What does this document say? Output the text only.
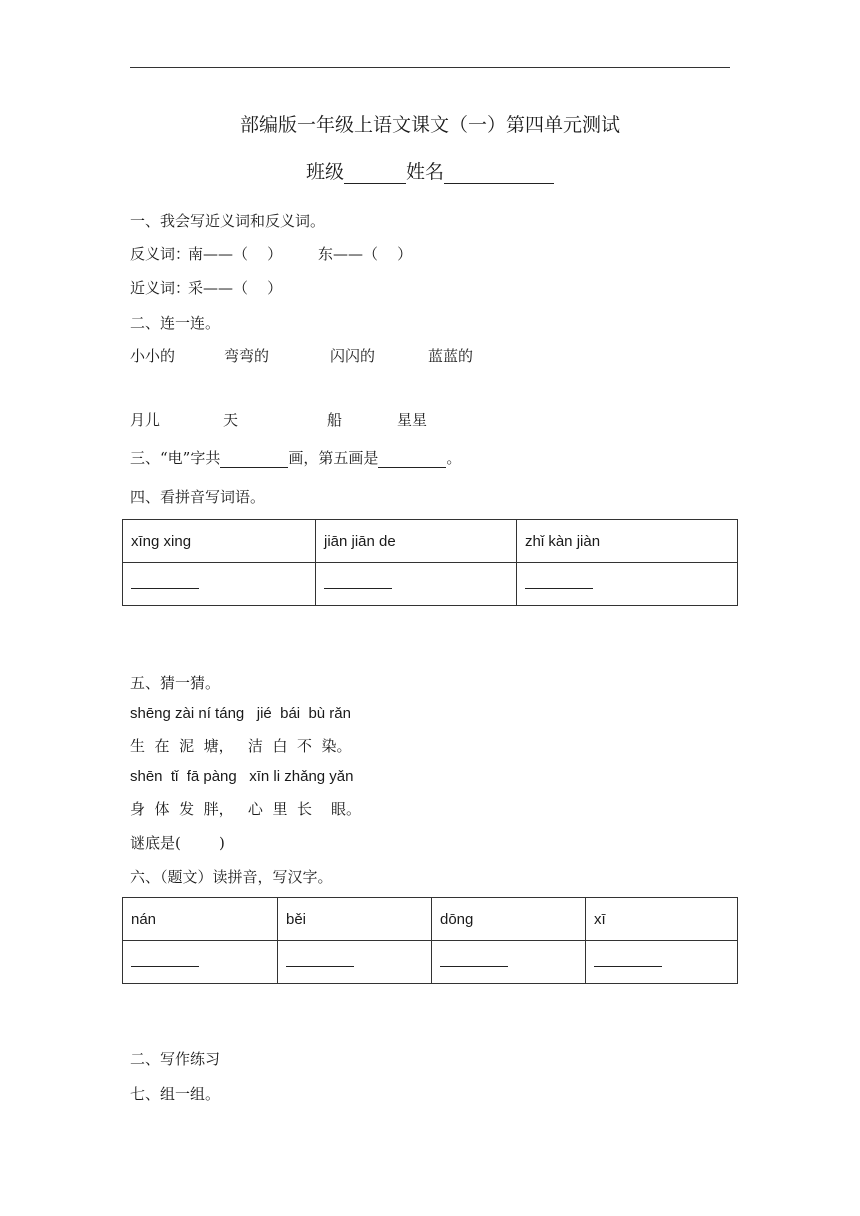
部编版一年级上语文课文（一）第四单元测试
班级	姓名
一、我会写近义词和反义词。
反义词：
南——（    ） 东——（    ）
近义词：
采——（    ）
二、连一连。
小小的	弯弯的	闪闪的	蓝蓝的
月儿	天	船	星星
三、“电”字共	画，第五画是	。
四、看拼音写词语。
xīng xing	jiān jiān de	zhǐ kàn jiàn

五、猜一猜。
shēng zài ní táng   jié  bái  bù rǎn
生  在  泥  塘，   洁  白  不  染。
shēn  tǐ  fā pàng   xīn li zhǎng yǎn
身  体  发  胖，   心  里  长    眼。
谜底是(        )
六、（题文）读拼音，写汉字。
nán	běi	dōng	xī

二、写作练习
七、组一组。
